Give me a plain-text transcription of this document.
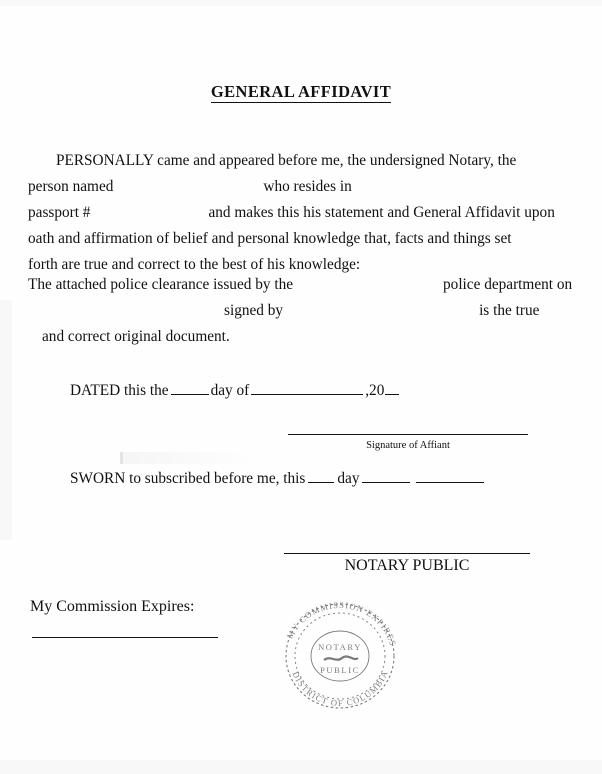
GENERAL AFFIDAVIT
PERSONALLY came and appeared before me, the undersigned Notary, the
person named	who resides in
passport #	and makes this his statement and General Affidavit upon
oath and affirmation of belief and personal knowledge that, facts and things set
forth are true and correct to the best of his knowledge:
The attached police clearance issued by the	police department on
signed by	is the true
and correct original document.
DATED this the	day of	,20
Signature of Affiant
SWORN to subscribed before me, this day
NOTARY PUBLIC
My Commission Expires:
MY COMMISSION EXPIRES
DISTRICT OF COLUMBIA
NOTARY
PUBLIC
